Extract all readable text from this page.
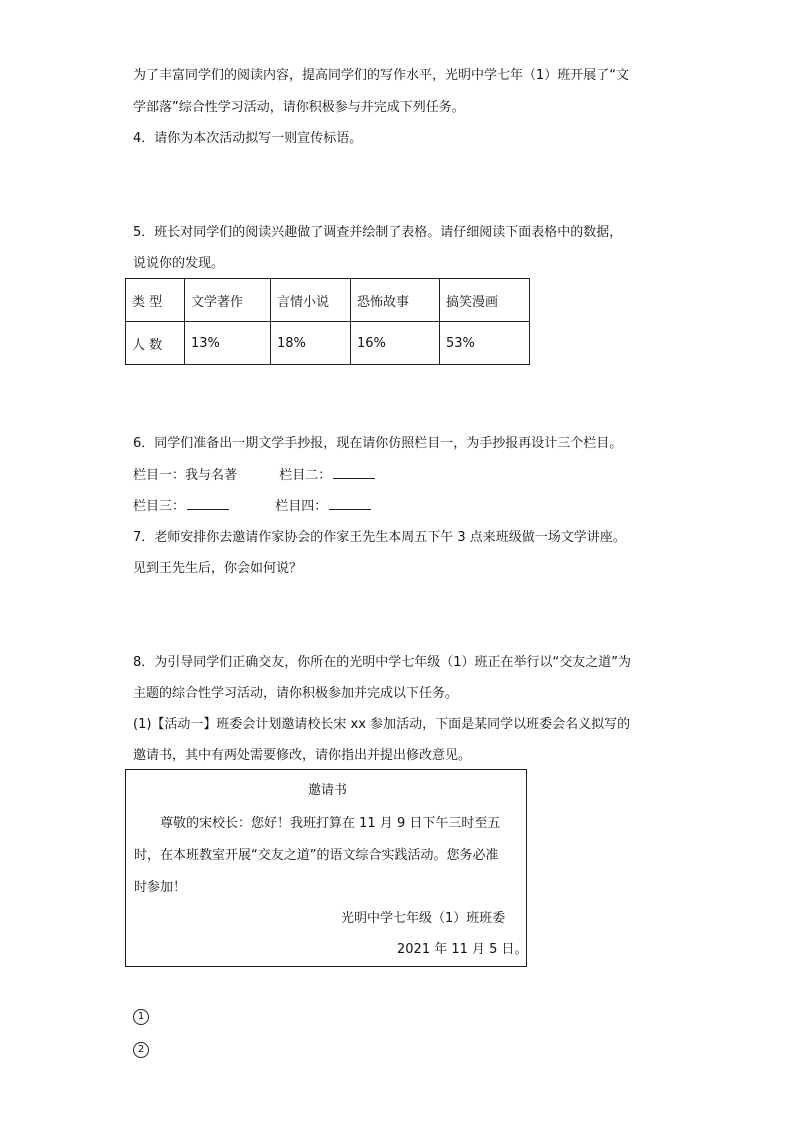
为了丰富同学们的阅读内容，提高同学们的写作水平，光明中学七年（1）班开展了“文
学部落”综合性学习活动，请你积极参与并完成下列任务。
4．请你为本次活动拟写一则宣传标语。
5．班长对同学们的阅读兴趣做了调查并绘制了表格。请仔细阅读下面表格中的数据，
说说你的发现。
类 型	文学著作	言情小说	恐怖故事	搞笑漫画
人 数	13%	18%	16%	53%
6．同学们准备出一期文学手抄报，现在请你仿照栏目一，为手抄报再设计三个栏目。
栏目一：我与名著	栏目二：
栏目三：	栏目四：
7．老师安排你去邀请作家协会的作家王先生本周五下午 3 点来班级做一场文学讲座。
见到王先生后，你会如何说？
8．为引导同学们正确交友，你所在的光明中学七年级（1）班正在举行以“交友之道”为
主题的综合性学习活动，请你积极参加并完成以下任务。
(1)【活动一】班委会计划邀请校长宋 xx 参加活动，下面是某同学以班委会名义拟写的
邀请书，其中有两处需要修改，请你指出并提出修改意见。
邀请书
尊敬的宋校长：您好！我班打算在 11 月 9 日下午三时至五
时，在本班教室开展“交友之道”的语文综合实践活动。您务必准
时参加！
光明中学七年级（1）班班委
2021 年 11 月 5 日。
1
2
